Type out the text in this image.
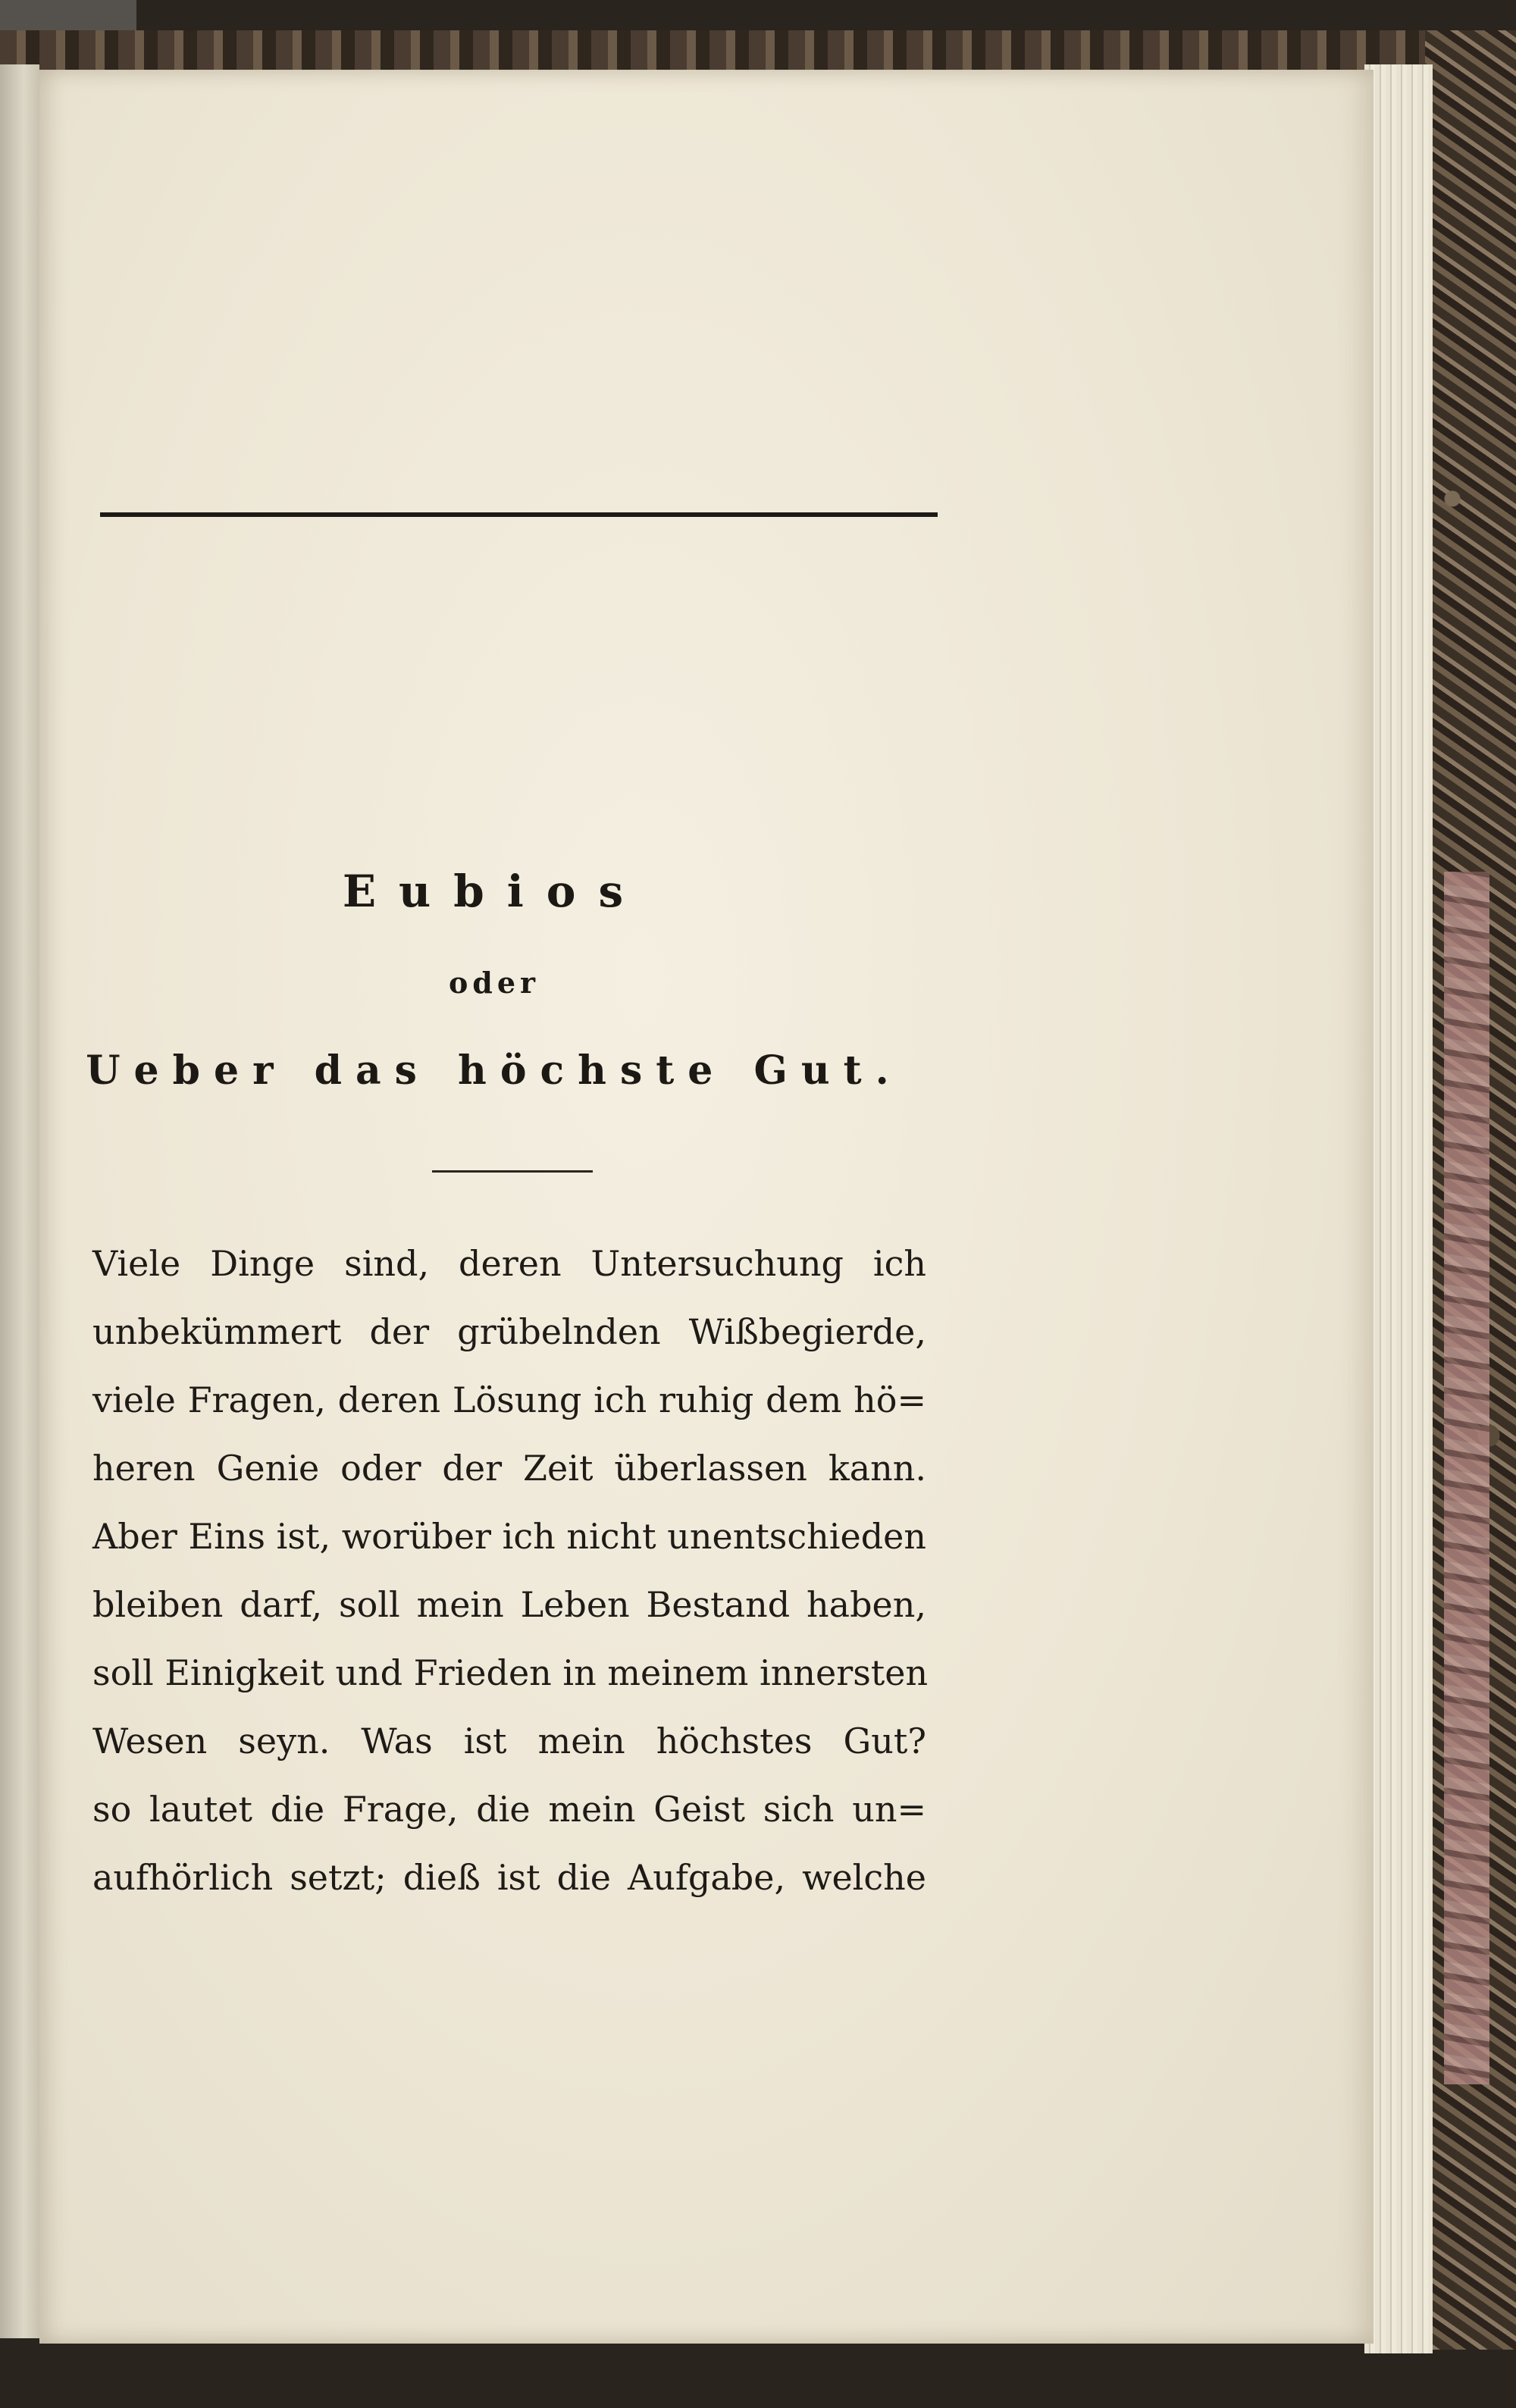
Eubios
oder
Ueber das höchste Gut.
Viele Dinge sind, deren Untersuchung ich
unbekümmert der grübelnden Wißbegierde,
viele Fragen, deren Lösung ich ruhig dem hö=
heren Genie oder der Zeit überlassen kann.
Aber Eins ist, worüber ich nicht unentschieden
bleiben darf, soll mein Leben Bestand haben,
soll Einigkeit und Frieden in meinem innersten
Wesen seyn. Was ist mein höchstes Gut?
so lautet die Frage, die mein Geist sich un=
aufhörlich setzt; dieß ist die Aufgabe, welche
